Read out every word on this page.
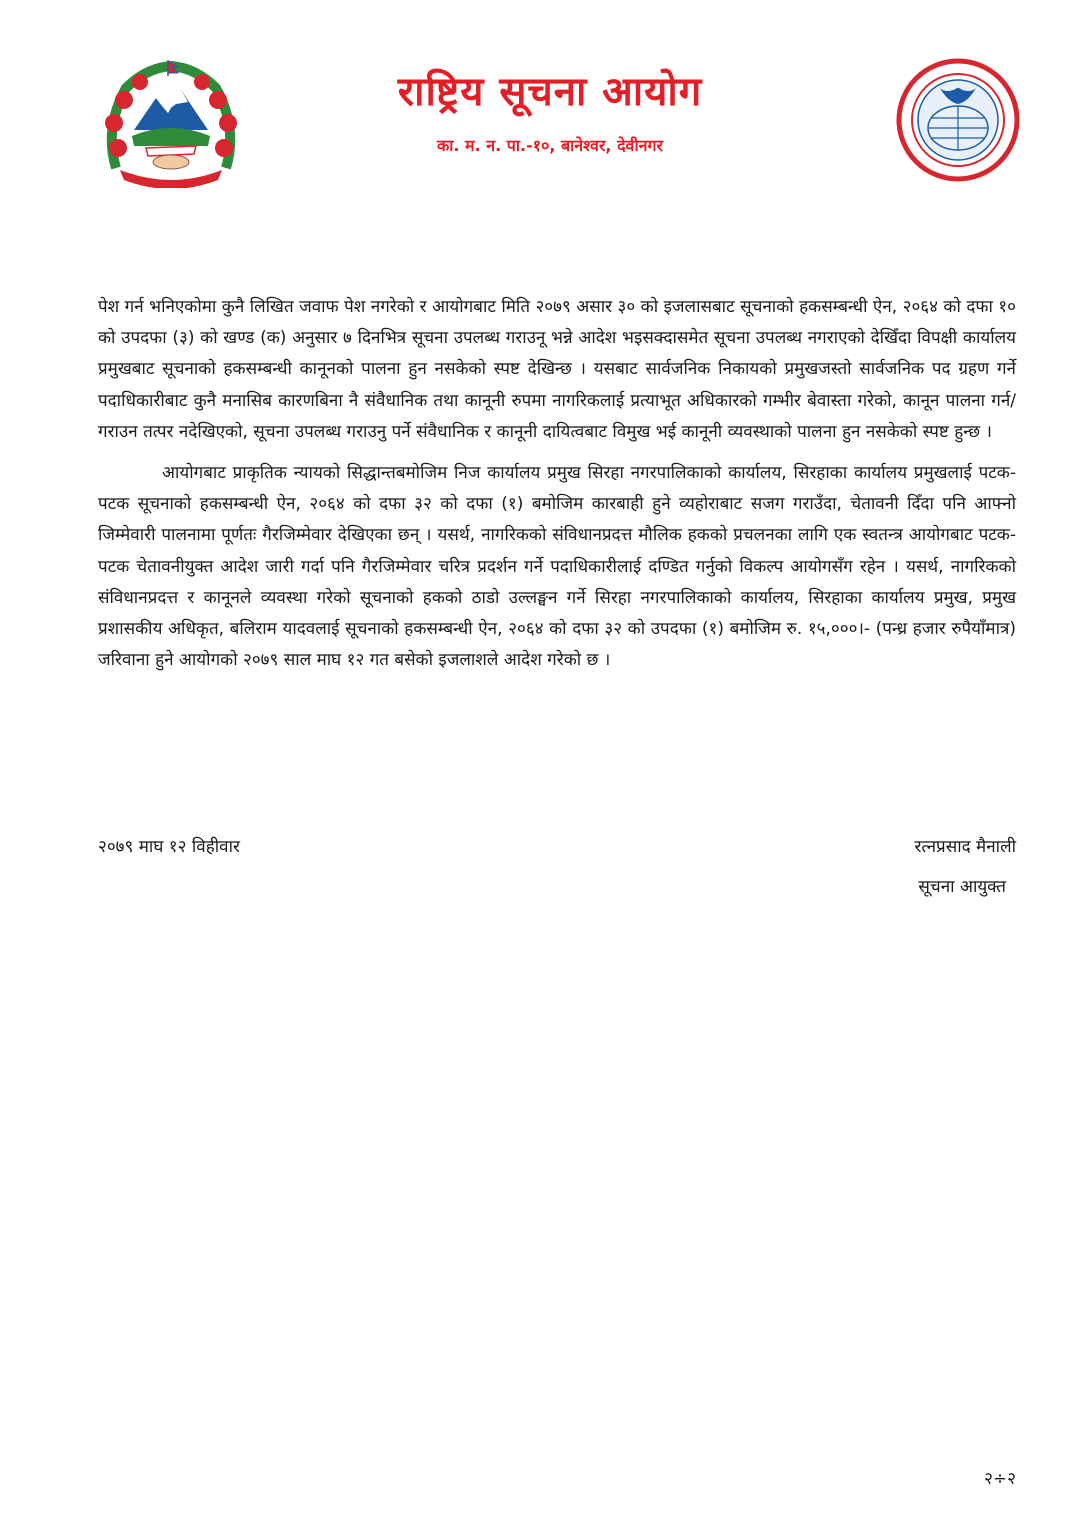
राष्ट्रिय सूचना आयोग
का. म. न. पा.-१०, बानेश्वर, देवीनगर

पेश गर्न भनिएकोमा कुनै लिखित जवाफ पेश नगरेको र आयोगबाट मिति २०७९ असार ३० को इजलासबाट सूचनाको हकसम्बन्धी ऐन, २०६४ को दफा १० को उपदफा (३) को खण्ड (क) अनुसार ७ दिनभित्र सूचना उपलब्ध गराउनू भन्ने आदेश भइसक्दासमेत सूचना उपलब्ध नगराएको देखिँदा विपक्षी कार्यालय प्रमुखबाट सूचनाको हकसम्बन्धी कानूनको पालना हुन नसकेको स्पष्ट देखिन्छ । यसबाट सार्वजनिक निकायको प्रमुखजस्तो सार्वजनिक पद ग्रहण गर्ने पदाधिकारीबाट कुनै मनासिब कारणबिना नै संवैधानिक तथा कानूनी रुपमा नागरिकलाई प्रत्याभूत अधिकारको गम्भीर बेवास्ता गरेको, कानून पालना गर्न/गराउन तत्पर नदेखिएको, सूचना उपलब्ध गराउनु पर्ने संवैधानिक र कानूनी दायित्वबाट विमुख भई कानूनी व्यवस्थाको पालना हुन नसकेको स्पष्ट हुन्छ ।

आयोगबाट प्राकृतिक न्यायको सिद्धान्तबमोजिम निज कार्यालय प्रमुख सिरहा नगरपालिकाको कार्यालय, सिरहाका कार्यालय प्रमुखलाई पटक-पटक सूचनाको हकसम्बन्धी ऐन, २०६४ को दफा ३२ को दफा (१) बमोजिम कारबाही हुने व्यहोराबाट सजग गराउँदा, चेतावनी दिँदा पनि आफ्नो जिम्मेवारी पालनामा पूर्णतः गैरजिम्मेवार देखिएका छन् । यसर्थ, नागरिकको संविधानप्रदत्त मौलिक हकको प्रचलनका लागि एक स्वतन्त्र आयोगबाट पटक-पटक चेतावनीयुक्त आदेश जारी गर्दा पनि गैरजिम्मेवार चरित्र प्रदर्शन गर्ने पदाधिकारीलाई दण्डित गर्नुको विकल्प आयोगसँग रहेन । यसर्थ, नागरिकको संविधानप्रदत्त र कानूनले व्यवस्था गरेको सूचनाको हकको ठाडो उल्लङ्घन गर्ने सिरहा नगरपालिकाको कार्यालय, सिरहाका कार्यालय प्रमुख, प्रमुख प्रशासकीय अधिकृत, बलिराम यादवलाई सूचनाको हकसम्बन्धी ऐन, २०६४ को दफा ३२ को उपदफा (१) बमोजिम रु. १५,०००।- (पन्ध्र हजार रुपैयाँमात्र) जरिवाना हुने आयोगको २०७९ साल माघ १२ गत बसेको इजलाशले आदेश गरेको छ ।

२०७९ माघ १२ विहीवार	रत्नप्रसाद मैनाली
सूचना आयुक्त
२÷२
